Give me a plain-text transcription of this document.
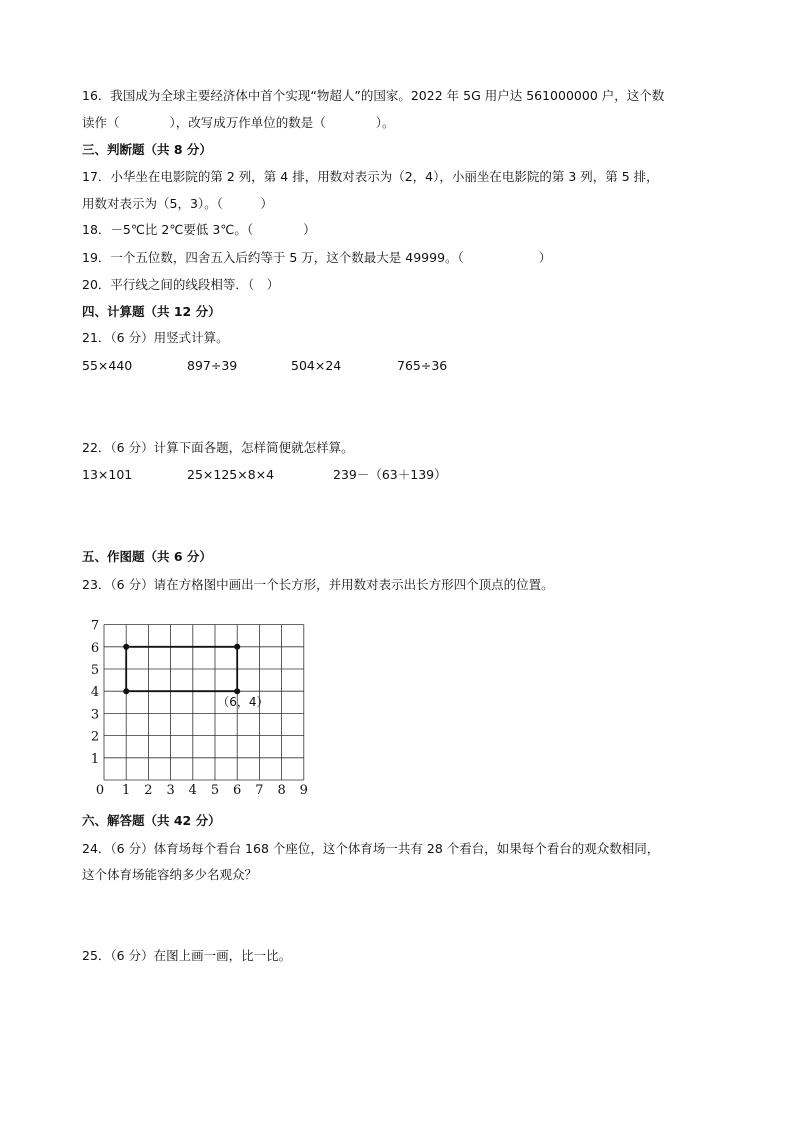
16．我国成为全球主要经济体中首个实现“物超人”的国家。2022 年 5G 用户达 561000000 户，这个数
读作（　　　　），改写成万作单位的数是（　　　　）。
三、判断题（共 8 分）
17．小华坐在电影院的第 2 列，第 4 排，用数对表示为（2，4），小丽坐在电影院的第 3 列，第 5 排，
用数对表示为（5，3）。（　　　）
18．－5℃比 2℃要低 3℃。（　　　　）
19．一个五位数，四舍五入后约等于 5 万，这个数最大是 49999。（　　　　　　）
20．平行线之间的线段相等．（　）
四、计算题（共 12 分）
21．（6 分）用竖式计算。
55×440	897÷39	504×24	765÷36
22．（6 分）计算下面各题，怎样简便就怎样算。
13×101	25×125×8×4	239－（63＋139）
五、作图题（共 6 分）
23．（6 分）请在方格图中画出一个长方形，并用数对表示出长方形四个顶点的位置。
0 1 2 3 4 5 6 7 8 9
1
2
3
4
5
6
7
（6，4）
六、解答题（共 42 分）
24．（6 分）体育场每个看台 168 个座位，这个体育场一共有 28 个看台，如果每个看台的观众数相同，
这个体育场能容纳多少名观众？
25．（6 分）在图上画一画，比一比。
